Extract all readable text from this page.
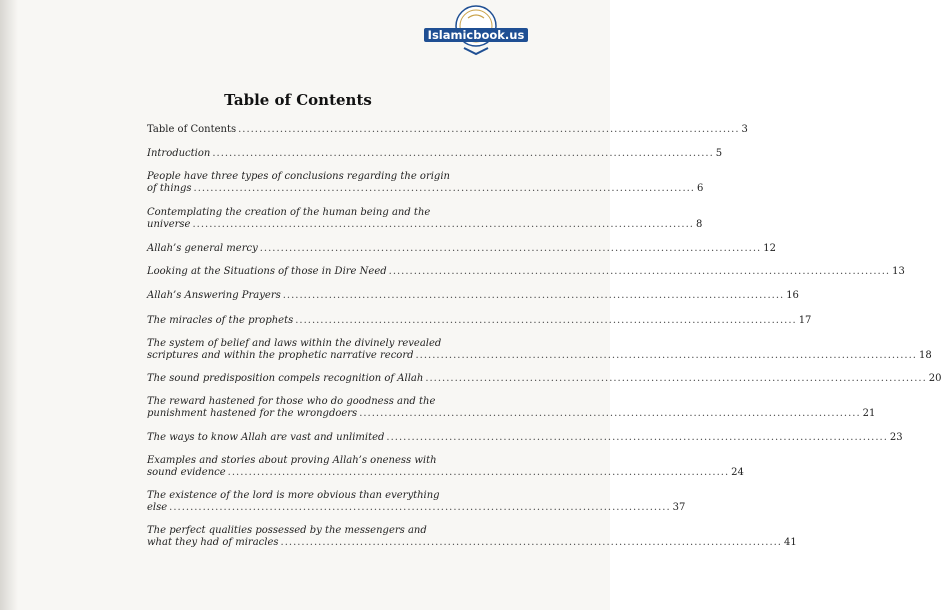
Islamicbook.us
Table of Contents
Table of Contents ........................................................................................................................ 3
Introduction ........................................................................................................................ 5
People have three types of conclusions regarding the origin
of things ........................................................................................................................ 6
Contemplating the creation of the human being and the
universe ........................................................................................................................ 8
Allah’s general mercy ........................................................................................................................ 12
Looking at the Situations of those in Dire Need ........................................................................................................................ 13
Allah’s Answering Prayers ........................................................................................................................ 16
The miracles of the prophets ........................................................................................................................ 17
The system of belief and laws within the divinely revealed
scriptures and within the prophetic narrative record ........................................................................................................................ 18
The sound predisposition compels recognition of Allah ........................................................................................................................ 20
The reward hastened for those who do goodness and the
punishment hastened for the wrongdoers ........................................................................................................................ 21
The ways to know Allah are vast and unlimited ........................................................................................................................ 23
Examples and stories about proving Allah’s oneness with
sound evidence ........................................................................................................................ 24
The existence of the lord is more obvious than everything
else ........................................................................................................................ 37
The perfect qualities possessed by the messengers and
what they had of miracles ........................................................................................................................ 41
